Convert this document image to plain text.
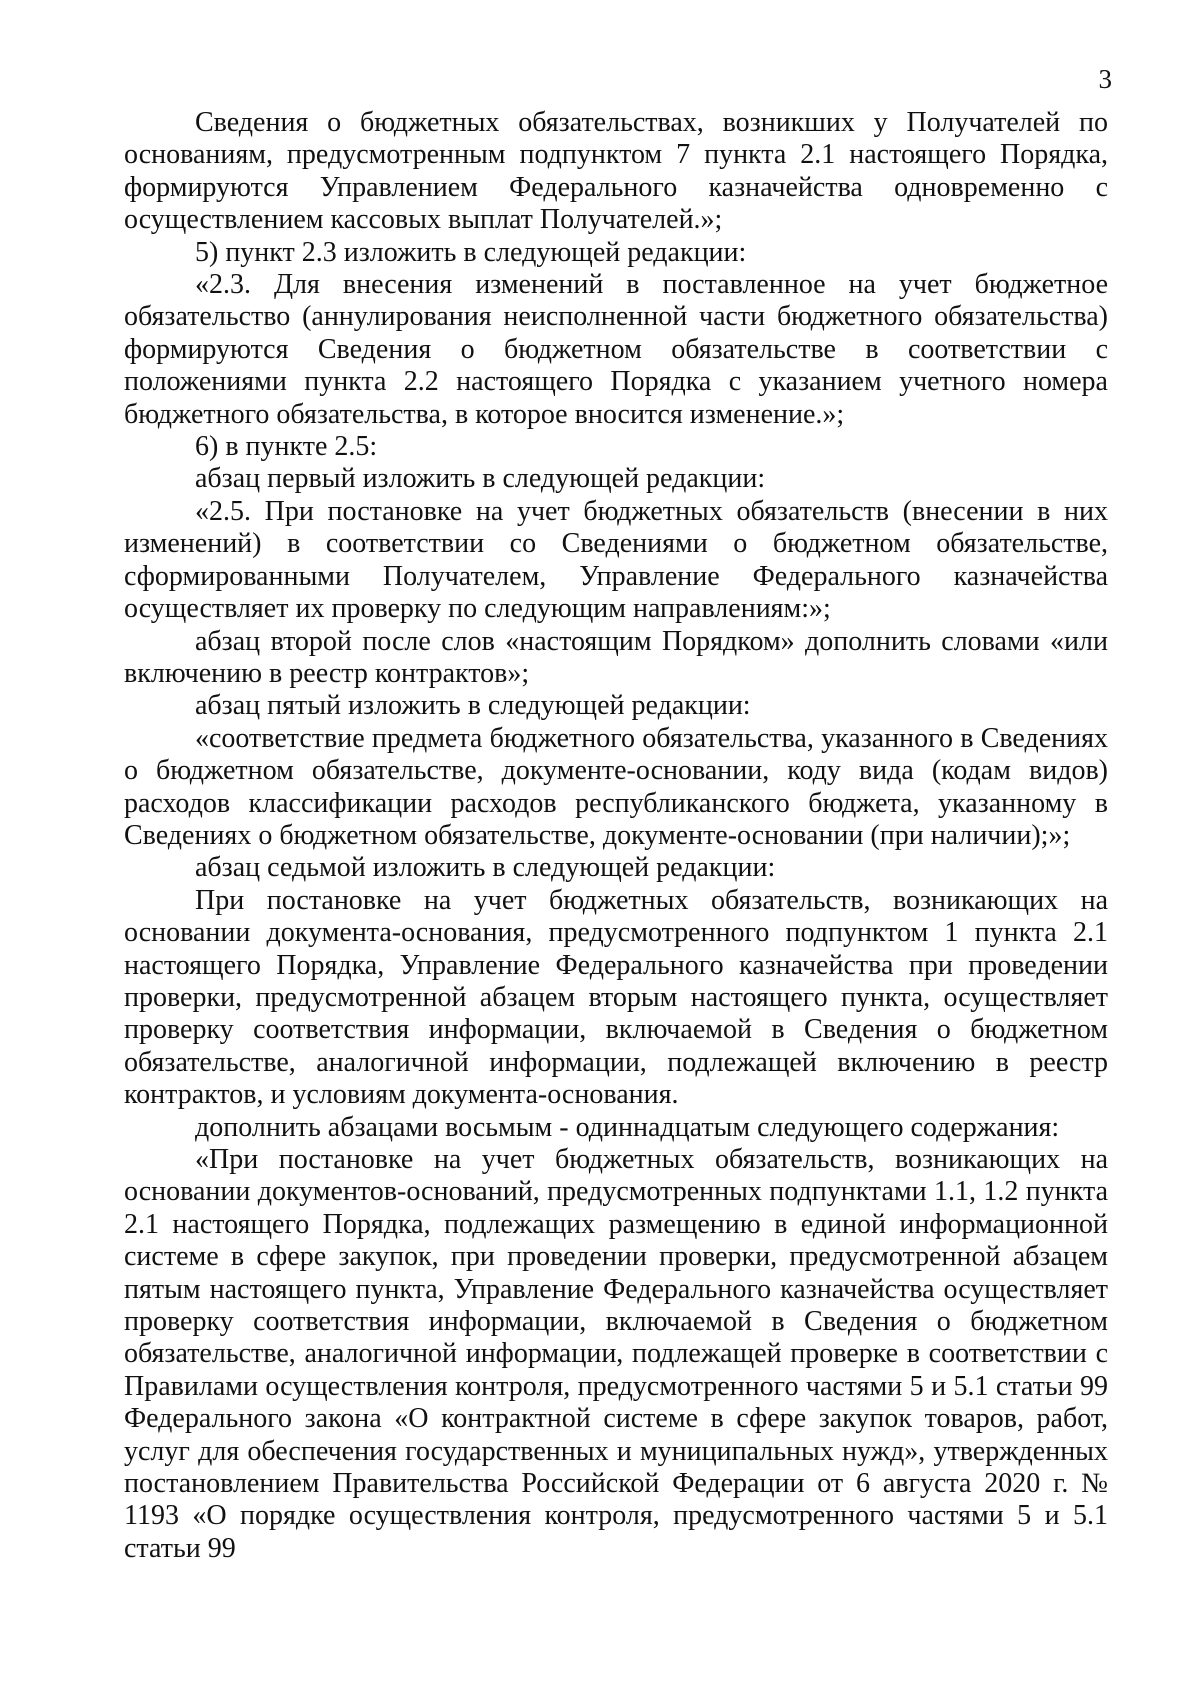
3

Сведения о бюджетных обязательствах, возникших у Получателей по основаниям, предусмотренным подпунктом 7 пункта 2.1 настоящего Порядка, формируются Управлением Федерального казначейства одновременно с осуществлением кассовых выплат Получателей.»;

5) пункт 2.3 изложить в следующей редакции:

«2.3. Для внесения изменений в поставленное на учет бюджетное обязательство (аннулирования неисполненной части бюджетного обязательства) формируются Сведения о бюджетном обязательстве в соответствии с положениями пункта 2.2 настоящего Порядка с указанием учетного номера бюджетного обязательства, в которое вносится изменение.»;

6) в пункте 2.5:

абзац первый изложить в следующей редакции:

«2.5. При постановке на учет бюджетных обязательств (внесении в них изменений) в соответствии со Сведениями о бюджетном обязательстве, сформированными Получателем, Управление Федерального казначейства осуществляет их проверку по следующим направлениям:»;

абзац второй после слов «настоящим Порядком» дополнить словами «или включению в реестр контрактов»;

абзац пятый изложить в следующей редакции:

«соответствие предмета бюджетного обязательства, указанного в Сведениях о бюджетном обязательстве, документе-основании, коду вида (кодам видов) расходов классификации расходов республиканского бюджета, указанному в Сведениях о бюджетном обязательстве, документе-основании (при наличии);»;

абзац седьмой изложить в следующей редакции:

При постановке на учет бюджетных обязательств, возникающих на основании документа-основания, предусмотренного подпунктом 1 пункта 2.1 настоящего Порядка, Управление Федерального казначейства при проведении проверки, предусмотренной абзацем вторым настоящего пункта, осуществляет проверку соответствия информации, включаемой в Сведения о бюджетном обязательстве, аналогичной информации, подлежащей включению в реестр контрактов, и условиям документа-основания.

дополнить абзацами восьмым - одиннадцатым следующего содержания:

«При постановке на учет бюджетных обязательств, возникающих на основании документов-оснований, предусмотренных подпунктами 1.1, 1.2 пункта 2.1 настоящего Порядка, подлежащих размещению в единой информационной системе в сфере закупок, при проведении проверки, предусмотренной абзацем пятым настоящего пункта, Управление Федерального казначейства осуществляет проверку соответствия информации, включаемой в Сведения о бюджетном обязательстве, аналогичной информации, подлежащей проверке в соответствии с Правилами осуществления контроля, предусмотренного частями 5 и 5.1 статьи 99 Федерального закона «О контрактной системе в сфере закупок товаров, работ, услуг для обеспечения государственных и муниципальных нужд», утвержденных постановлением Правительства Российской Федерации от 6 августа 2020 г. № 1193 «О порядке осуществления контроля, предусмотренного частями 5 и 5.1 статьи 99
